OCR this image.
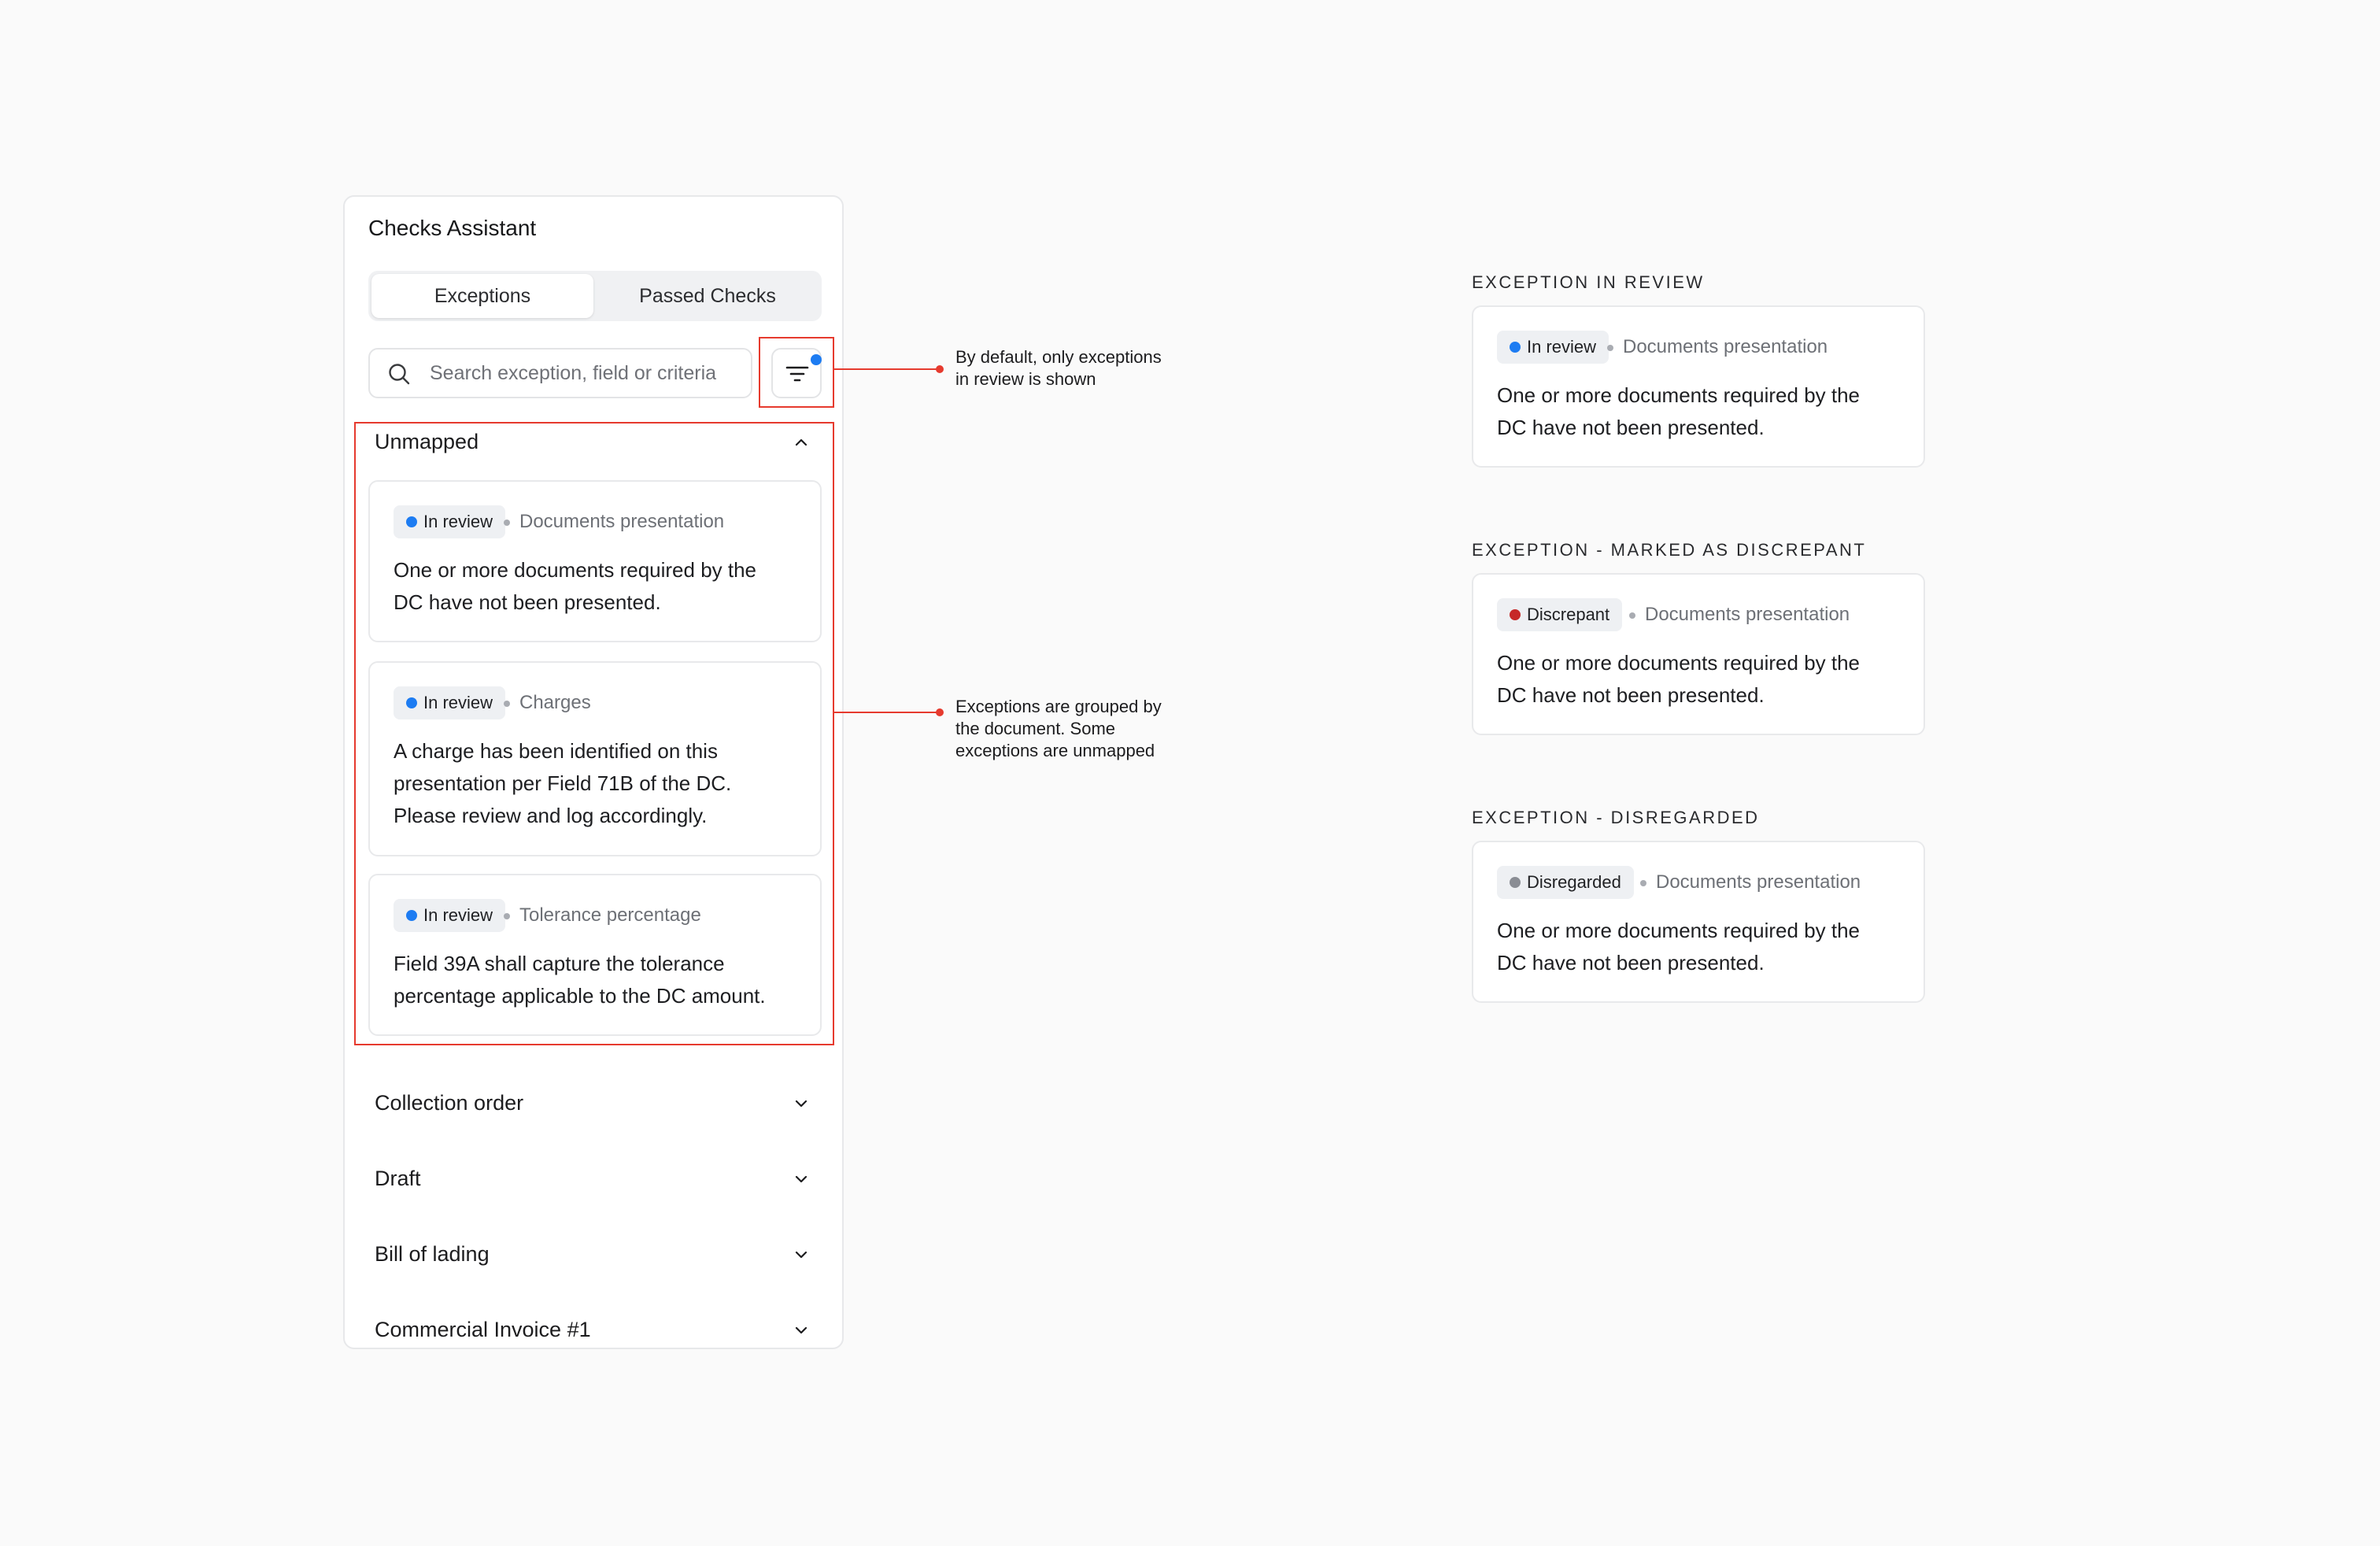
Checks Assistant
Exceptions	Passed Checks
Search exception, field or criteria
Unmapped
In review	Documents presentation
One or more documents required by the
DC have not been presented.
In review	Charges
A charge has been identified on this
presentation per Field 71B of the DC.
Please review and log accordingly.
In review	Tolerance percentage
Field 39A shall capture the tolerance
percentage applicable to the DC amount.
Collection order
Draft
Bill of lading
Commercial Invoice #1
By default, only exceptions
in review is shown
Exceptions are grouped by
the document. Some
exceptions are unmapped
EXCEPTION IN REVIEW
In review	Documents presentation
One or more documents required by the
DC have not been presented.
EXCEPTION - MARKED AS DISCREPANT
Discrepant	Documents presentation
One or more documents required by the
DC have not been presented.
EXCEPTION - DISREGARDED
Disregarded	Documents presentation
One or more documents required by the
DC have not been presented.
